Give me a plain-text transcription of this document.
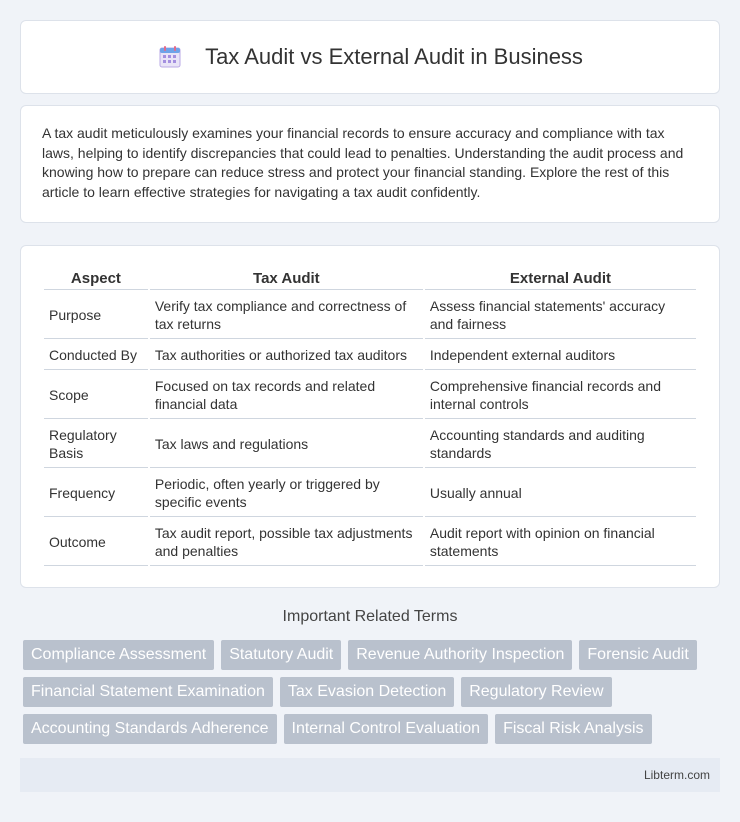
Tax Audit vs External Audit in Business

A tax audit meticulously examines your financial records to ensure accuracy and compliance with tax laws, helping to identify discrepancies that could lead to penalties. Understanding the audit process and knowing how to prepare can reduce stress and protect your financial standing. Explore the rest of this article to learn effective strategies for navigating a tax audit confidently.

Aspect	Tax Audit	External Audit
Purpose	Verify tax compliance and correctness of tax returns	Assess financial statements' accuracy and fairness
Conducted By	Tax authorities or authorized tax auditors	Independent external auditors
Scope	Focused on tax records and related financial data	Comprehensive financial records and internal controls
Regulatory Basis	Tax laws and regulations	Accounting standards and auditing standards
Frequency	Periodic, often yearly or triggered by specific events	Usually annual
Outcome	Tax audit report, possible tax adjustments and penalties	Audit report with opinion on financial statements
Important Related Terms
Compliance Assessment	Statutory Audit	Revenue Authority Inspection	Forensic Audit
Financial Statement Examination	Tax Evasion Detection	Regulatory Review
Accounting Standards Adherence	Internal Control Evaluation	Fiscal Risk Analysis
Libterm.com
